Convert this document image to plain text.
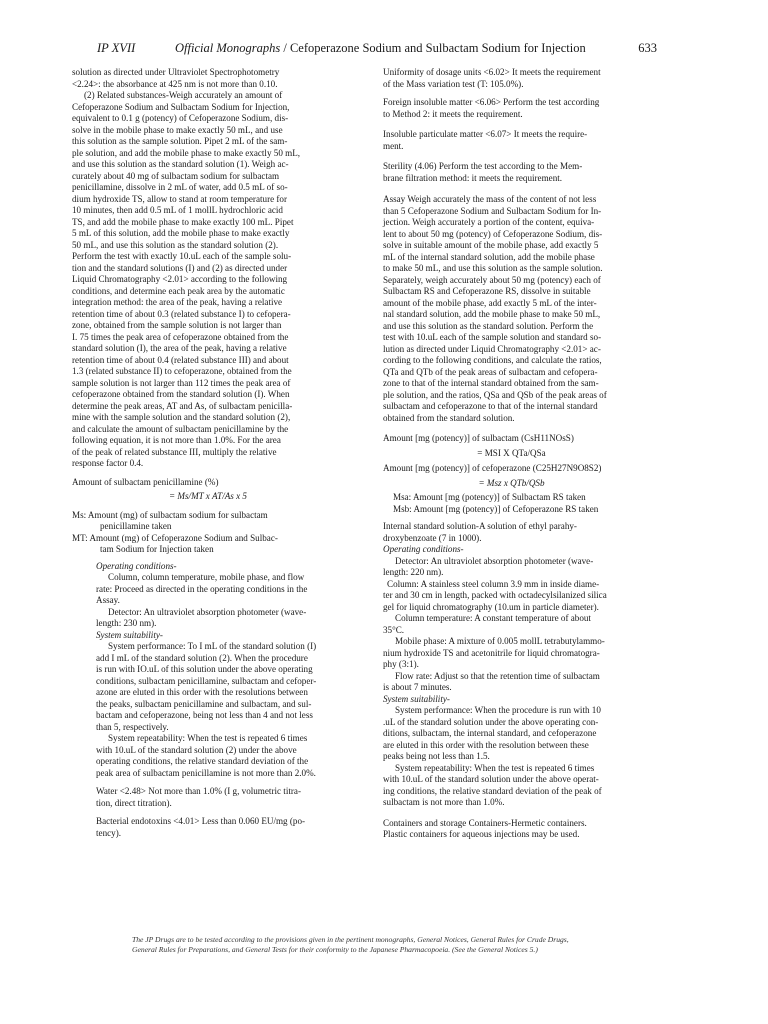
IP XVII	Official Monographs / Cefoperazone Sodium and Sulbactam Sodium for Injection	633
solution as directed under Ultraviolet Spectrophotometry
<2.24>: the absorbance at 425 nm is not more than 0.10.
(2) Related substances-Weigh accurately an amount of
Cefoperazone Sodium and Sulbactam Sodium for Injection,
equivalent to 0.1 g (potency) of Cefoperazone Sodium, dis-
solve in the mobile phase to make exactly 50 mL, and use
this solution as the sample solution. Pipet 2 mL of the sam-
ple solution, and add the mobile phase to make exactly 50 mL,
and use this solution as the standard solution (1). Weigh ac-
curately about 40 mg of sulbactam sodium for sulbactam
penicillamine, dissolve in 2 mL of water, add 0.5 mL of so-
dium hydroxide TS, allow to stand at room temperature for
10 minutes, then add 0.5 mL of 1 mollL hydrochloric acid
TS, and add the mobile phase to make exactly 100 mL. Pipet
5 mL of this solution, add the mobile phase to make exactly
50 mL, and use this solution as the standard solution (2).
Perform the test with exactly 10.uL each of the sample solu-
tion and the standard solutions (I) and (2) as directed under
Liquid Chromatography <2.01> according to the following
conditions, and determine each peak area by the automatic
integration method: the area of the peak, having a relative
retention time of about 0.3 (related substance I) to cefopera-
zone, obtained from the sample solution is not larger than
I. 75 times the peak area of cefoperazone obtained from the
standard solution (I), the area of the peak, having a relative
retention time of about 0.4 (related substance III) and about
1.3 (related substance II) to cefoperazone, obtained from the
sample solution is not larger than 112 times the peak area of
cefoperazone obtained from the standard solution (I). When
determine the peak areas, AT and As, of sulbactam penicilla-
mine with the sample solution and the standard solution (2),
and calculate the amount of sulbactam penicillamine by the
following equation, it is not more than 1.0%. For the area
of the peak of related substance III, multiply the relative
response factor 0.4.
Amount of sulbactam penicillamine (%)
= Ms/MT x AT/As x 5
Ms: Amount (mg) of sulbactam sodium for sulbactam
penicillamine taken
MT: Amount (mg) of Cefoperazone Sodium and Sulbac-
tam Sodium for Injection taken
Operating conditions-
Column, column temperature, mobile phase, and flow
rate: Proceed as directed in the operating conditions in the
Assay.
Detector: An ultraviolet absorption photometer (wave-
length: 230 nm).
System suitability-
System performance: To I mL of the standard solution (I)
add I mL of the standard solution (2). When the procedure
is run with IO.uL of this solution under the above operating
conditions, sulbactam penicillamine, sulbactam and cefoper-
azone are eluted in this order with the resolutions between
the peaks, sulbactam penicillamine and sulbactam, and sul-
bactam and cefoperazone, being not less than 4 and not less
than 5, respectively.
System repeatability: When the test is repeated 6 times
with 10.uL of the standard solution (2) under the above
operating conditions, the relative standard deviation of the
peak area of sulbactam penicillamine is not more than 2.0%.
Water <2.48> Not more than 1.0% (I g, volumetric titra-
tion, direct titration).
Bacterial endotoxins <4.01> Less than 0.060 EU/mg (po-
tency).
Uniformity of dosage units <6.02> It meets the requirement
of the Mass variation test (T: 105.0%).
Foreign insoluble matter <6.06> Perform the test according
to Method 2: it meets the requirement.
Insoluble particulate matter <6.07> It meets the require-
ment.
Sterility (4.06) Perform the test according to the Mem-
brane filtration method: it meets the requirement.
Assay Weigh accurately the mass of the content of not less
than 5 Cefoperazone Sodium and Sulbactam Sodium for In-
jection. Weigh accurately a portion of the content, equiva-
lent to about 50 mg (potency) of Cefoperazone Sodium, dis-
solve in suitable amount of the mobile phase, add exactly 5
mL of the internal standard solution, add the mobile phase
to make 50 mL, and use this solution as the sample solution.
Separately, weigh accurately about 50 mg (potency) each of
Sulbactam RS and Cefoperazone RS, dissolve in suitable
amount of the mobile phase, add exactly 5 mL of the inter-
nal standard solution, add the mobile phase to make 50 mL,
and use this solution as the standard solution. Perform the
test with 10.uL each of the sample solution and standard so-
lution as directed under Liquid Chromatography <2.01> ac-
cording to the following conditions, and calculate the ratios,
QTa and QTb of the peak areas of sulbactam and cefopera-
zone to that of the internal standard obtained from the sam-
ple solution, and the ratios, QSa and QSb of the peak areas of
sulbactam and cefoperazone to that of the internal standard
obtained from the standard solution.
Amount [mg (potency)] of sulbactam (CsH11NOsS)
= MSI X QTa/QSa
Amount [mg (potency)] of cefoperazone (C25H27N9O8S2)
= Msz x QTb/QSb
Msa: Amount [mg (potency)] of Sulbactam RS taken
Msb: Amount [mg (potency)] of Cefoperazone RS taken
Internal standard solution-A solution of ethyl parahy-
droxybenzoate (7 in 1000).
Operating conditions-
Detector: An ultraviolet absorption photometer (wave-
length: 220 nm).
Column: A stainless steel column 3.9 mm in inside diame-
ter and 30 cm in length, packed with octadecylsilanized silica
gel for liquid chromatography (10.um in particle diameter).
Column temperature: A constant temperature of about
35°C.
Mobile phase: A mixture of 0.005 mollL tetrabutylammo-
nium hydroxide TS and acetonitrile for liquid chromatogra-
phy (3:1).
Flow rate: Adjust so that the retention time of sulbactam
is about 7 minutes.
System suitability-
System performance: When the procedure is run with 10
.uL of the standard solution under the above operating con-
ditions, sulbactam, the internal standard, and cefoperazone
are eluted in this order with the resolution between these
peaks being not less than 1.5.
System repeatability: When the test is repeated 6 times
with 10.uL of the standard solution under the above operat-
ing conditions, the relative standard deviation of the peak of
sulbactam is not more than 1.0%.
Containers and storage Containers-Hermetic containers.
Plastic containers for aqueous injections may be used.
The JP Drugs are to be tested according to the provisions given in the pertinent monographs, General Notices, General Rules for Crude Drugs,
General Rules for Preparations, and General Tests for their conformity to the Japanese Pharmacopoeia. (See the General Notices 5.)
